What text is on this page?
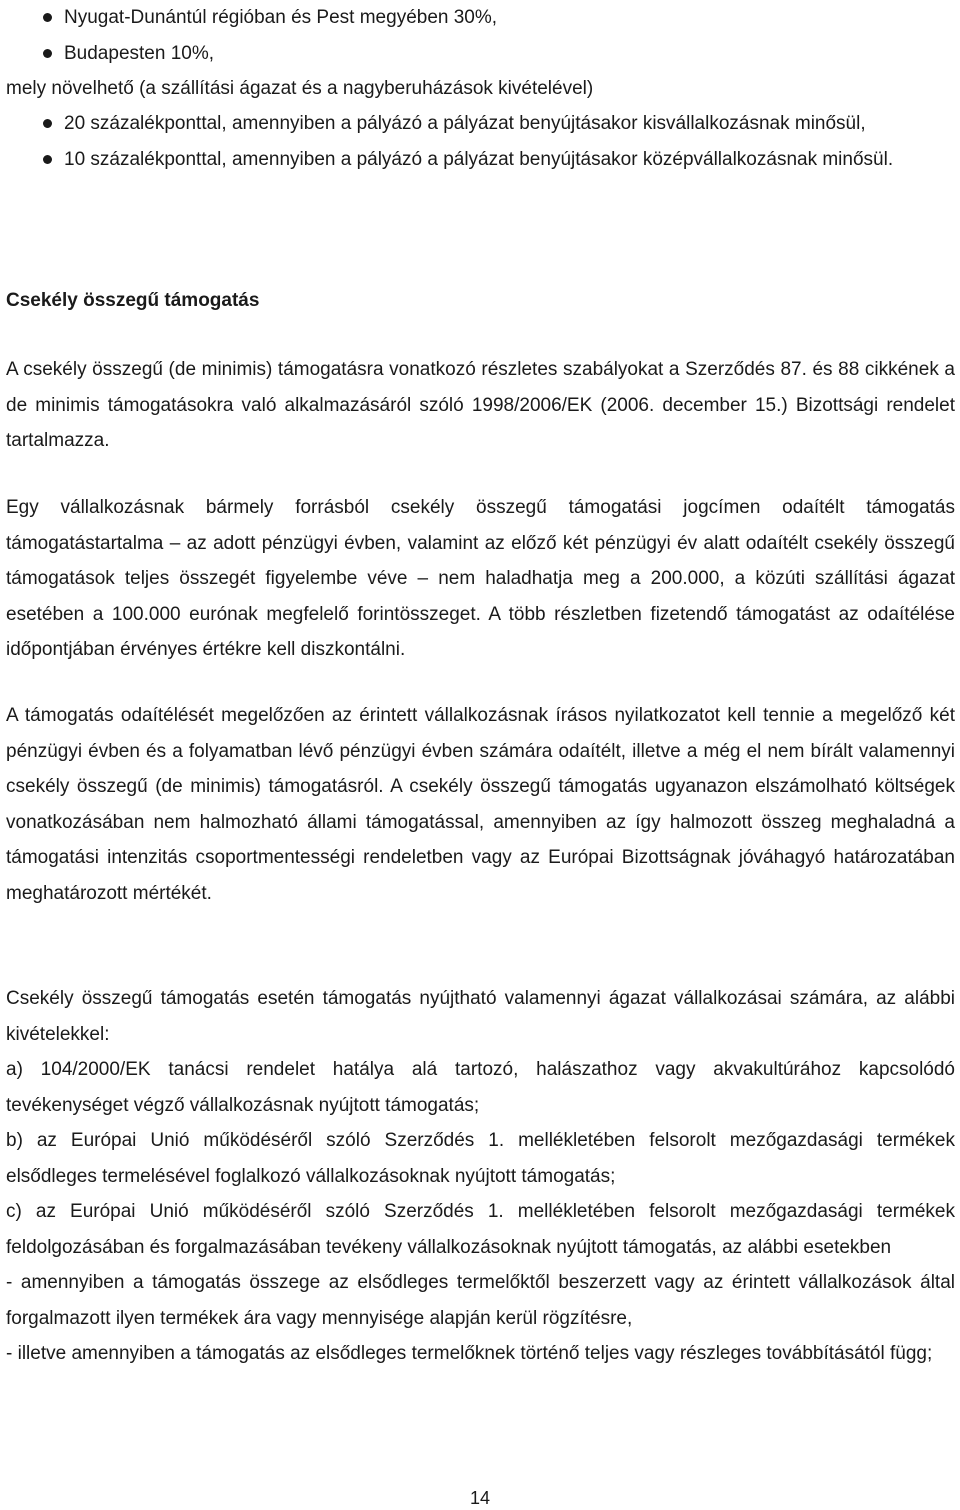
Nyugat-Dunántúl régióban és Pest megyében 30%,
Budapesten 10%,

mely növelhető (a szállítási ágazat és a nagyberuházások kivételével)

20 százalékponttal, amennyiben a pályázó a pályázat benyújtásakor kisvállalkozásnak minősül,
10 százalékponttal, amennyiben a pályázó a pályázat benyújtásakor középvállalkozásnak minősül.
Csekély összegű támogatás

A csekély összegű (de minimis) támogatásra vonatkozó részletes szabályokat a Szerződés 87. és 88 cikkének a de minimis támogatásokra való alkalmazásáról szóló 1998/2006/EK (2006. december 15.) Bizottsági rendelet tartalmazza.

Egy vállalkozásnak bármely forrásból csekély összegű támogatási jogcímen odaítélt támogatás támogatástartalma – az adott pénzügyi évben, valamint az előző két pénzügyi év alatt odaítélt csekély összegű támogatások teljes összegét figyelembe véve – nem haladhatja meg a 200.000, a közúti szállítási ágazat esetében a 100.000 eurónak megfelelő forintösszeget. A több részletben fizetendő támogatást az odaítélése időpontjában érvényes értékre kell diszkontálni.

A támogatás odaítélését megelőzően az érintett vállalkozásnak írásos nyilatkozatot kell tennie a megelőző két pénzügyi évben és a folyamatban lévő pénzügyi évben számára odaítélt, illetve a még el nem bírált valamennyi csekély összegű (de minimis) támogatásról. A csekély összegű támogatás ugyanazon elszámolható költségek vonatkozásában nem halmozható állami támogatással, amennyiben az így halmozott összeg meghaladná a támogatási intenzitás csoportmentességi rendeletben vagy az Európai Bizottságnak jóváhagyó határozatában meghatározott mértékét.

Csekély összegű támogatás esetén támogatás nyújtható valamennyi ágazat vállalkozásai számára, az alábbi kivételekkel:
a) 104/2000/EK tanácsi rendelet hatálya alá tartozó, halászathoz vagy akvakultúrához kapcsolódó tevékenységet végző vállalkozásnak nyújtott támogatás;
b) az Európai Unió működéséről szóló Szerződés 1. mellékletében felsorolt mezőgazdasági termékek elsődleges termelésével foglalkozó vállalkozásoknak nyújtott támogatás;
c) az Európai Unió működéséről szóló Szerződés 1. mellékletében felsorolt mezőgazdasági termékek feldolgozásában és forgalmazásában tevékeny vállalkozásoknak nyújtott támogatás, az alábbi esetekben
- amennyiben a támogatás összege az elsődleges termelőktől beszerzett vagy az érintett vállalkozások által forgalmazott ilyen termékek ára vagy mennyisége alapján kerül rögzítésre,
- illetve amennyiben a támogatás az elsődleges termelőknek történő teljes vagy részleges továbbításától függ;
14
